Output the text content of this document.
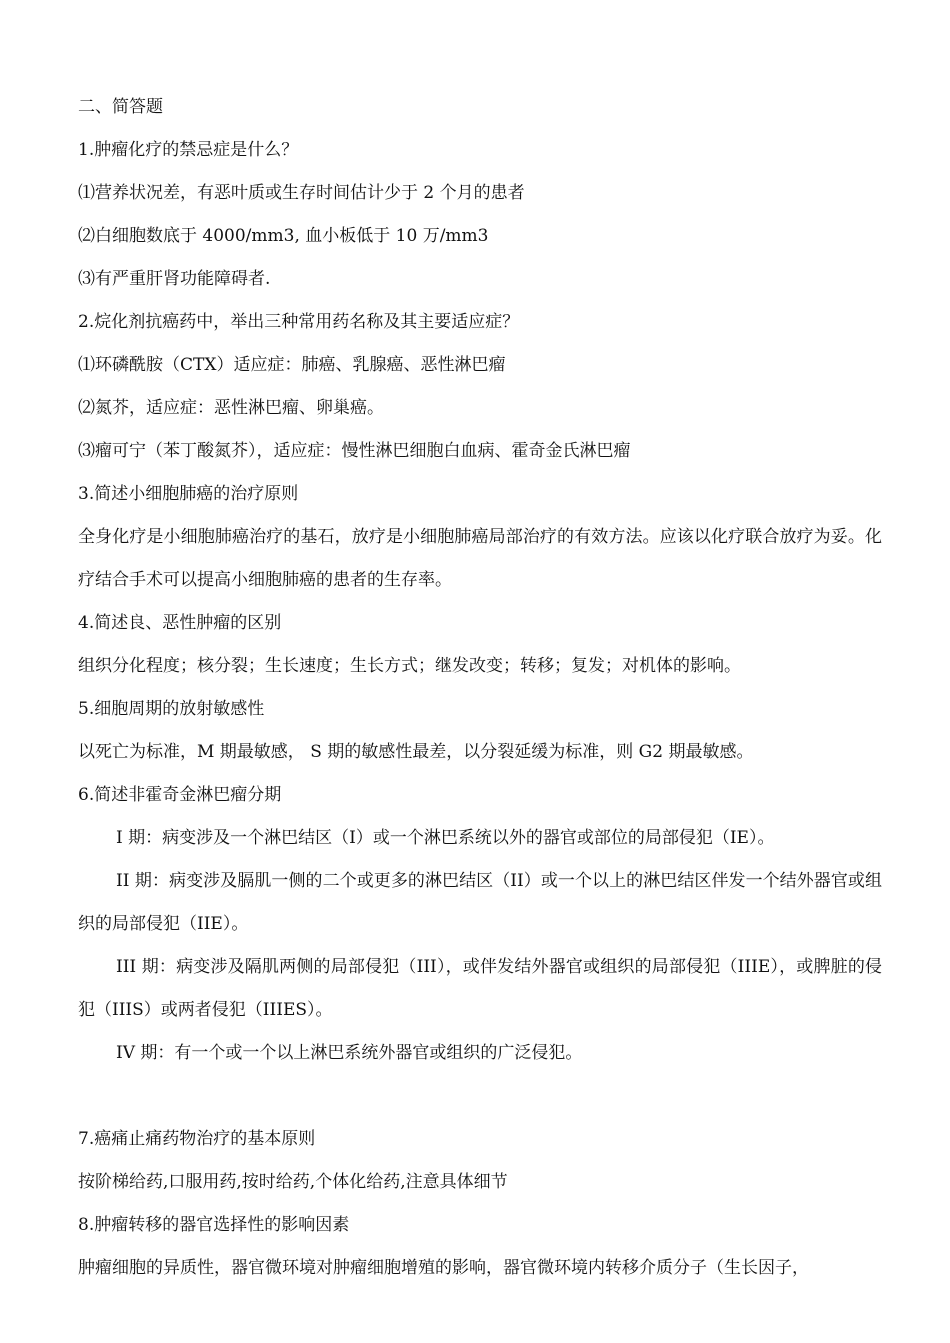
二、简答题

1.肿瘤化疗的禁忌症是什么？

⑴营养状况差，有恶叶质或生存时间估计少于 2 个月的患者

⑵白细胞数底于 4000/mm3, 血小板低于 10 万/mm3

⑶有严重肝肾功能障碍者.

2.烷化剂抗癌药中，举出三种常用药名称及其主要适应症？

⑴环磷酰胺（CTX）适应症：肺癌、乳腺癌、恶性淋巴瘤

⑵氮芥，适应症：恶性淋巴瘤、卵巢癌。

⑶瘤可宁（苯丁酸氮芥），适应症：慢性淋巴细胞白血病、霍奇金氏淋巴瘤

3.简述小细胞肺癌的治疗原则

全身化疗是小细胞肺癌治疗的基石，放疗是小细胞肺癌局部治疗的有效方法。应该以化疗联合放疗为妥。化疗结合手术可以提高小细胞肺癌的患者的生存率。

4.简述良、恶性肿瘤的区别

组织分化程度；核分裂；生长速度；生长方式；继发改变；转移；复发；对机体的影响。

5.细胞周期的放射敏感性

以死亡为标准，M 期最敏感， S 期的敏感性最差，以分裂延缓为标准，则 G2 期最敏感。

6.简述非霍奇金淋巴瘤分期

I 期：病变涉及一个淋巴结区（I）或一个淋巴系统以外的器官或部位的局部侵犯（IE）。

II 期：病变涉及膈肌一侧的二个或更多的淋巴结区（II）或一个以上的淋巴结区伴发一个结外器官或组织的局部侵犯（IIE）。

III 期：病变涉及隔肌两侧的局部侵犯（III），或伴发结外器官或组织的局部侵犯（IIIE），或脾脏的侵犯（IIIS）或两者侵犯（IIIES）。

IV 期：有一个或一个以上淋巴系统外器官或组织的广泛侵犯。

7.癌痛止痛药物治疗的基本原则

按阶梯给药,口服用药,按时给药,个体化给药,注意具体细节

8.肿瘤转移的器官选择性的影响因素

肿瘤细胞的异质性，器官微环境对肿瘤细胞增殖的影响，器官微环境内转移介质分子（生长因子，
